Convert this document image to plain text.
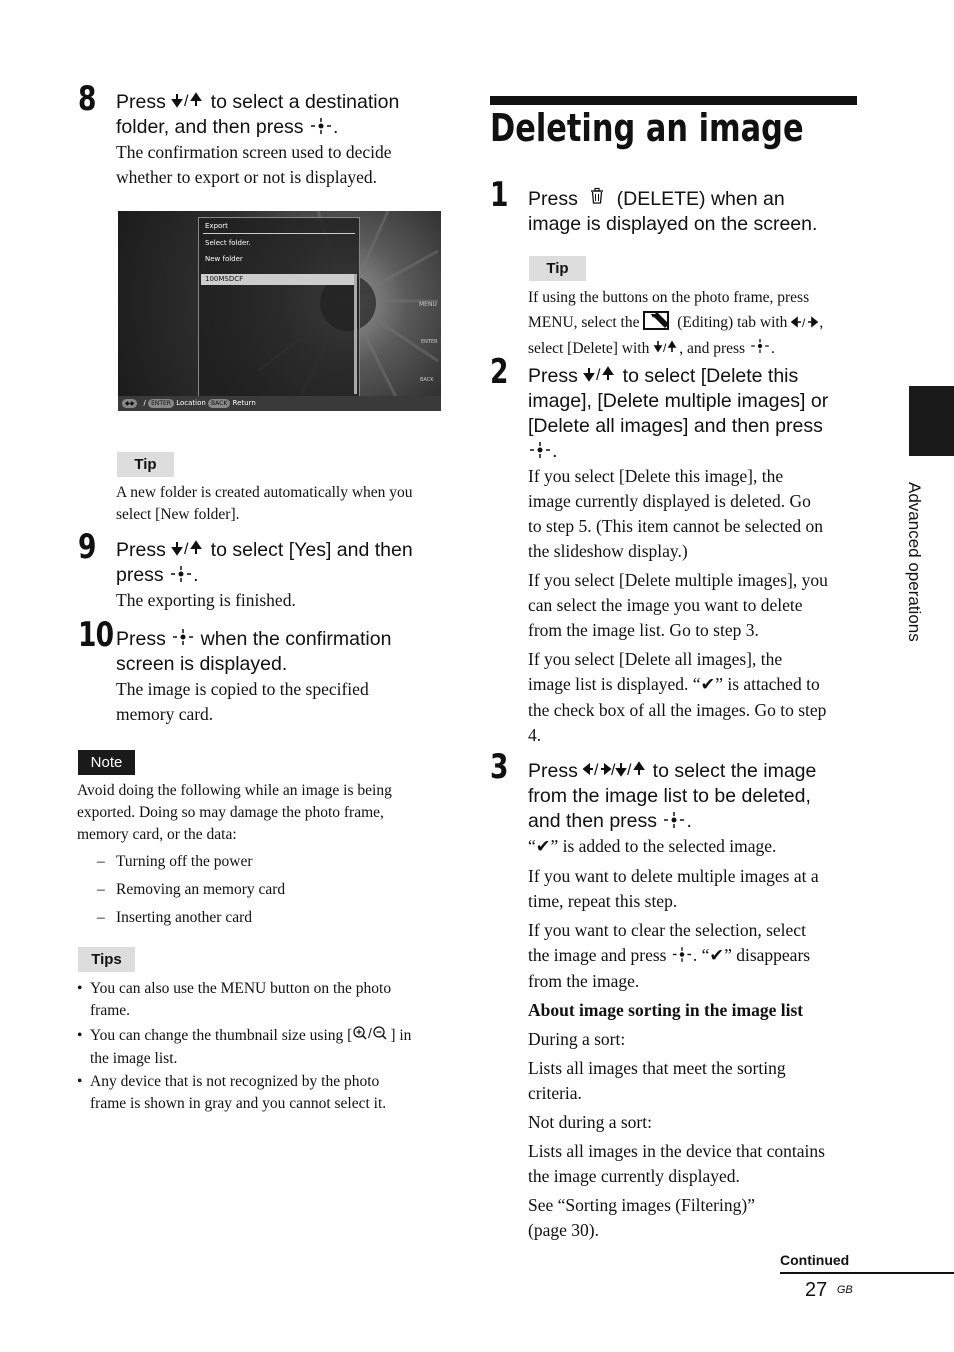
8 Press / to select a destination
folder, and then press .
The confirmation screen used to decide
whether to export or not is displayed.
Export
Select folder.
New folder
100MSDCF
MENU
ENTER
BACK
◆◆ / ENTER Location BACK Return
Tip
A new folder is created automatically when you
select [New folder].
9 Press / to select [Yes] and then
press .
The exporting is finished.
10 Press  when the confirmation
screen is displayed.
The image is copied to the specified
memory card.
Note
Avoid doing the following while an image is being
exported. Doing so may damage the photo frame,
memory card, or the data:
– Turning off the power
– Removing an memory card
– Inserting another card
Tips
• You can also use the MENU button on the photo
frame.
• You can change the thumbnail size using [ / ] in
the image list.
• Any device that is not recognized by the photo
frame is shown in gray and you cannot select it.
Deleting an image
1 Press  (DELETE) when an
image is displayed on the screen.
Tip
If using the buttons on the photo frame, press
MENU, select the  (Editing) tab with / ,
select [Delete] with / , and press .
2 Press / to select [Delete this
image], [Delete multiple images] or
[Delete all images] and then press
.
If you select [Delete this image], the
image currently displayed is deleted. Go
to step 5. (This item cannot be selected on
the slideshow display.)
If you select [Delete multiple images], you
can select the image you want to delete
from the image list. Go to step 3.
If you select [Delete all images], the
image list is displayed. “✔” is attached to
the check box of all the images. Go to step
4.
3 Press / / / to select the image
from the image list to be deleted,
and then press .
“✔” is added to the selected image.
If you want to delete multiple images at a
time, repeat this step.
If you want to clear the selection, select
the image and press . “✔” disappears
from the image.
About image sorting in the image list
During a sort:
Lists all images that meet the sorting
criteria.
Not during a sort:
Lists all images in the device that contains
the image currently displayed.
See “Sorting images (Filtering)”
(page 30).
Advanced operations
Continued
27 $^{GB}$
